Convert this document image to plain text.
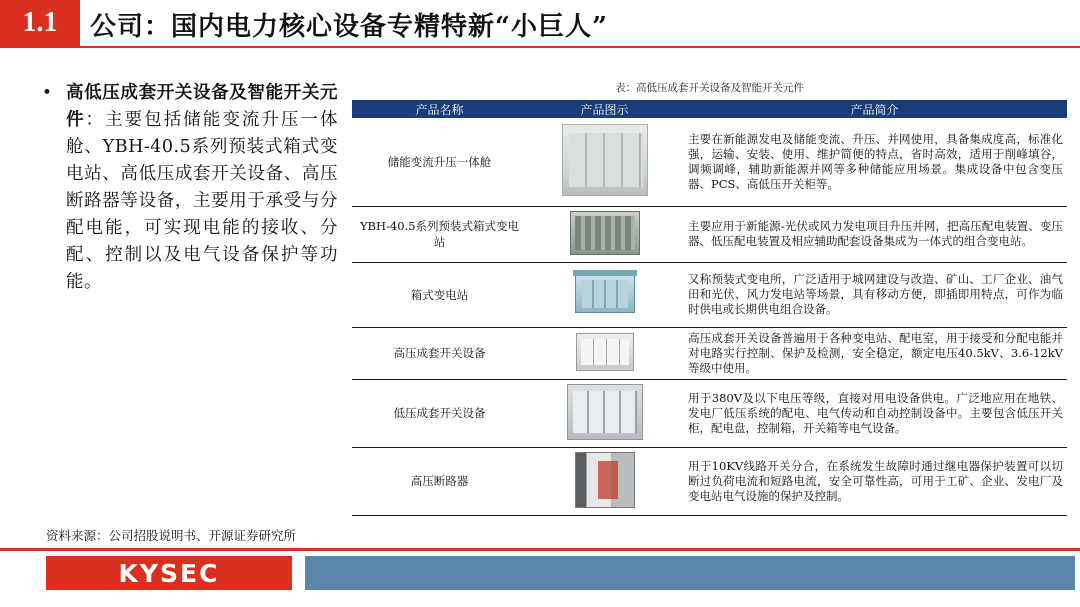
1.1	公司：国内电力核心设备专精特新“小巨人”
• 高低压成套开关设备及智能开关元件：主要包括储能变流升压一体舱、YBH-40.5系列预装式箱式变电站、高低压成套开关设备、高压断路器等设备，主要用于承受与分配电能，可实现电能的接收、分配、控制以及电气设备保护等功能。

表：高低压成套开关设备及智能开关元件
产品名称	产品图示	产品简介
储能变流升压一体舱		主要在新能源发电及储能变流、升压、并网使用，具备集成度高，标准化强，运输、安装、使用、维护简便的特点，省时高效，适用于削峰填谷，调频调峰，辅助新能源并网等多种储能应用场景。集成设备中包含变压器、PCS、高低压开关柜等。
YBH-40.5系列预装式箱式变电站		主要应用于新能源-光伏或风力发电项目升压并网，把高压配电装置、变压器、低压配电装置及相应辅助配套设备集成为一体式的组合变电站。
箱式变电站		又称预装式变电所，广泛适用于城网建设与改造、矿山、工厂企业、油气田和光伏、风力发电站等场景，具有移动方便，即插即用特点，可作为临时供电或长期供电组合设备。
高压成套开关设备		高压成套开关设备普遍用于各种变电站、配电室，用于接受和分配电能并对电路实行控制、保护及检测，安全稳定，额定电压40.5kV、3.6-12kV等级中使用。
低压成套开关设备		用于380V及以下电压等级，直接对用电设备供电。广泛地应用在地铁、发电厂低压系统的配电、电气传动和自动控制设备中。主要包含低压开关柜，配电盘，控制箱，开关箱等电气设备。
高压断路器		用于10KV线路开关分合，在系统发生故障时通过继电器保护装置可以切断过负荷电流和短路电流，安全可靠性高，可用于工矿、企业、发电厂及变电站电气设施的保护及控制。
资料来源：公司招股说明书、开源证券研究所
KYSEC
